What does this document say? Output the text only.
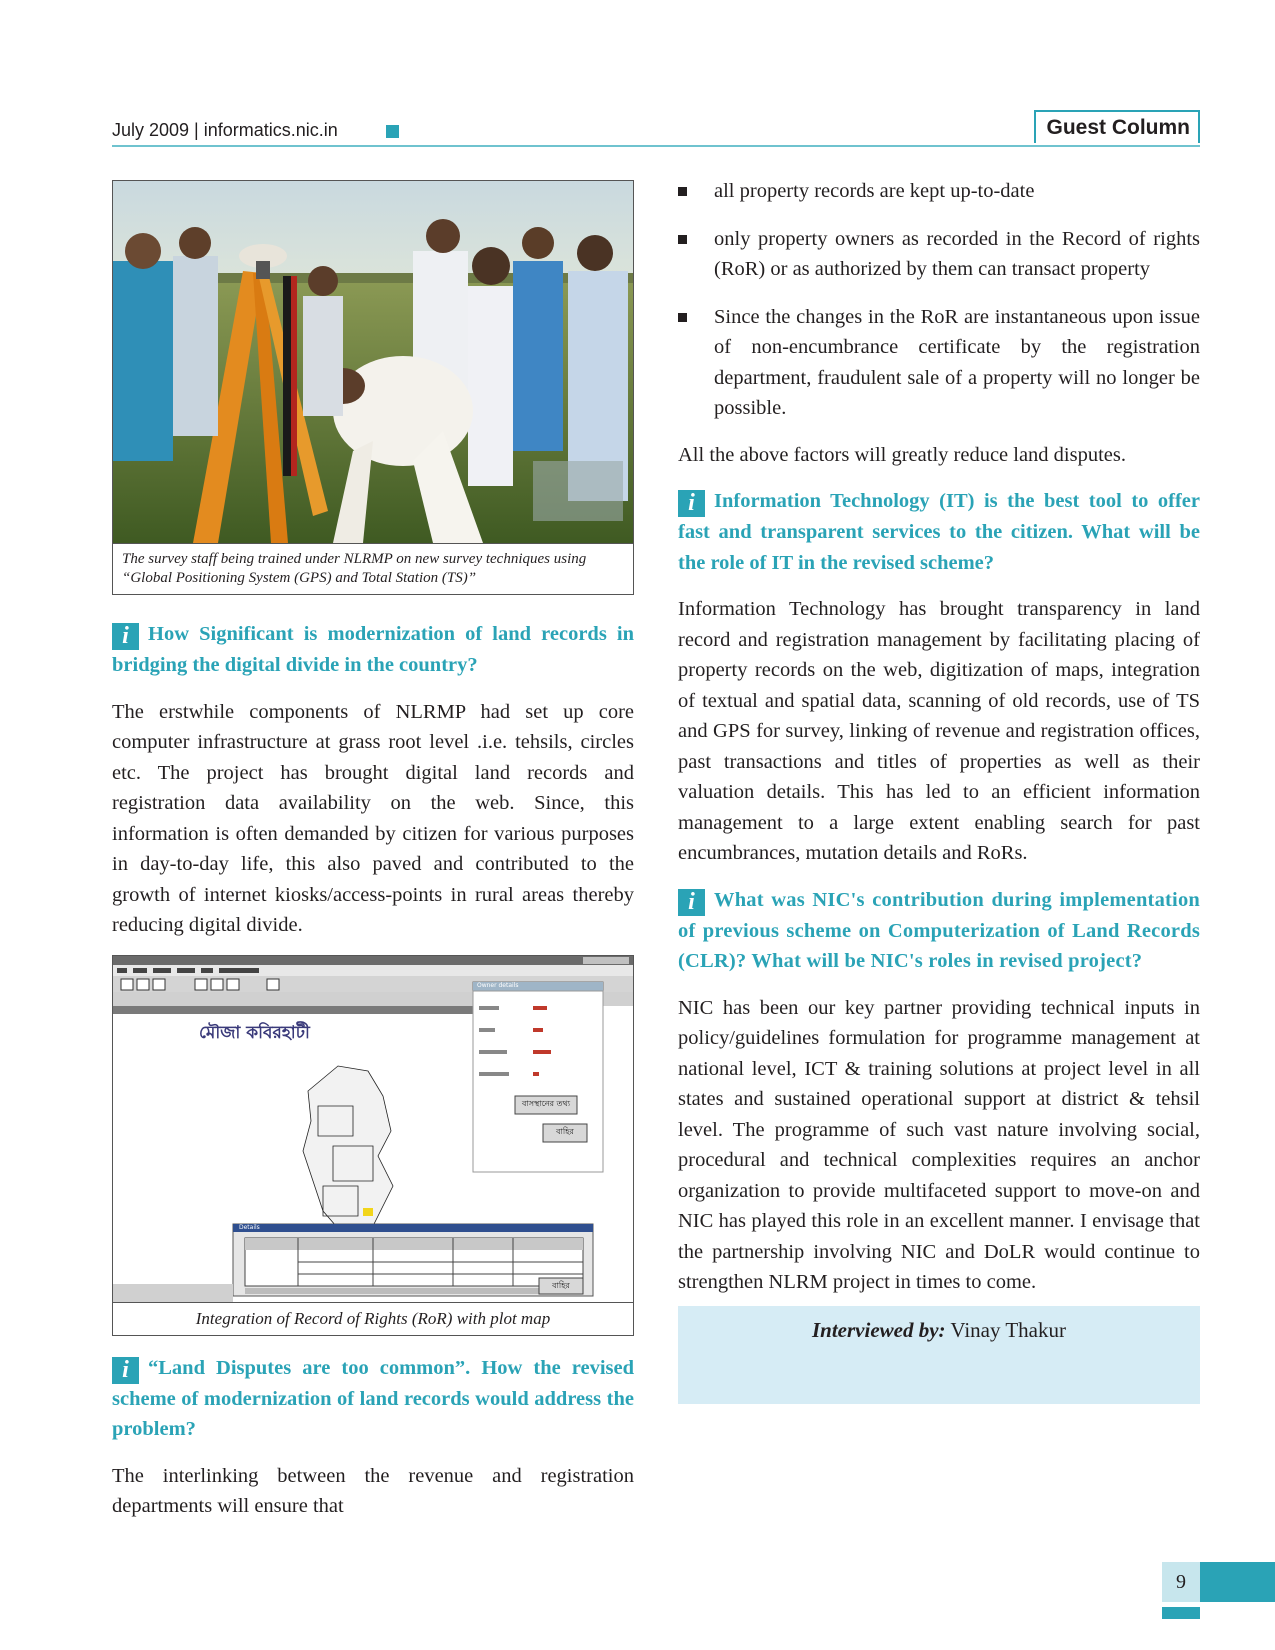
July 2009 | informatics.nic.in	Guest Column
The survey staff being trained under NLRMP on new survey techniques using
“Global Positioning System (GPS) and Total Station (TS)”

i How Significant is modernization of land records in bridging the digital divide in the country?

The erstwhile components of NLRMP had set up core computer infrastructure at grass root level .i.e. tehsils, circles etc. The project has brought digital land records and registration data availability on the web. Since, this information is often demanded by citizen for various purposes in day-to-day life, this also paved and contributed to the growth of internet kiosks/access-points in rural areas thereby reducing digital divide.

মৌজা কবিরহাটী
Owner details
বাসস্থানের তথ্য
বাহির
Details
বাহির
Integration of Record of Rights (RoR) with plot map

i “Land Disputes are too common”. How the revised scheme of modernization of land records would address the problem?

The interlinking between the revenue and registration departments will ensure that

all property records are kept up-to-date
only property owners as recorded in the Record of rights (RoR) or as authorized by them can transact property
Since the changes in the RoR are instantaneous upon issue of non-encumbrance certificate by the registration department, fraudulent sale of a property will no longer be possible.

All the above factors will greatly reduce land disputes.

i Information Technology (IT) is the best tool to offer fast and transparent services to the citizen. What will be the role of IT in the revised scheme?

Information Technology has brought transparency in land record and registration management by facilitating placing of property records on the web, digitization of maps, integration of textual and spatial data, scanning of old records, use of TS and GPS for survey, linking of revenue and registration offices, past transactions and titles of properties as well as their valuation details. This has led to an efficient information management to a large extent enabling search for past encumbrances, mutation details and RoRs.

i What was NIC's contribution during implementation of previous scheme on Computerization of Land Records (CLR)? What will be NIC's roles in revised project?

NIC has been our key partner providing technical inputs in policy/guidelines formulation for programme management at national level, ICT & training solutions at project level in all states and sustained operational support at district & tehsil level. The programme of such vast nature involving social, procedural and technical complexities requires an anchor organization to provide multifaceted support to move-on and NIC has played this role in an excellent manner. I envisage that the partnership involving NIC and DoLR would continue to strengthen NLRM project in times to come.

Interviewed by: Vinay Thakur
9
